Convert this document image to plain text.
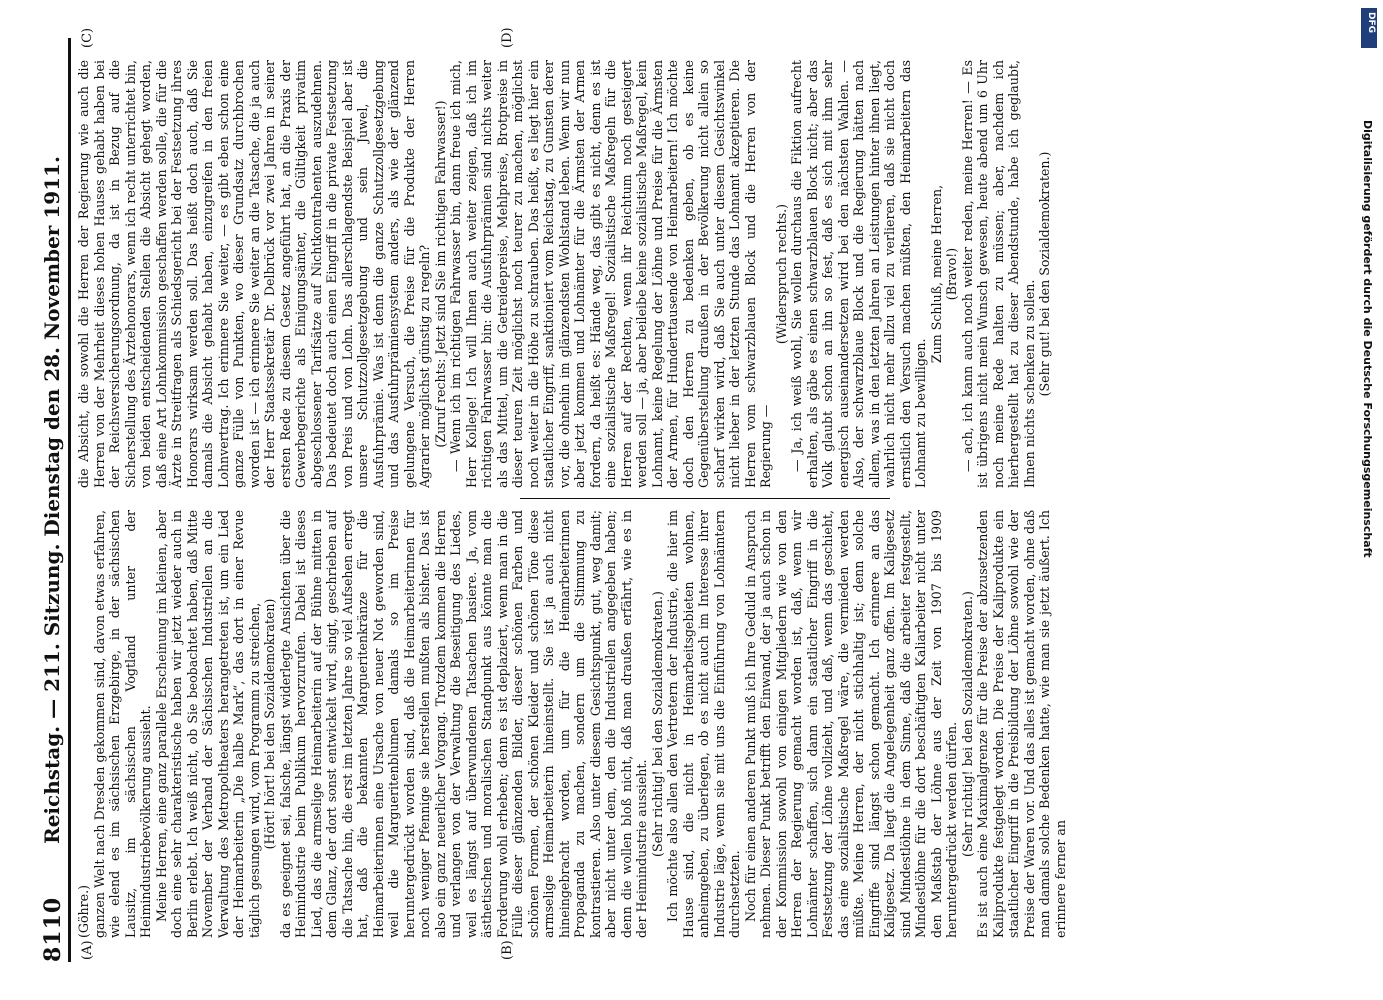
8110
Reichstag. — 211. Sitzung. Dienstag den 28. November 1911.
(A)	(B)
(C)	(D)

(Göhre.) ganzen Welt nach Dresden gekommen sind, davon etwas erfahren, wie elend es im sächsischen Erzgebirge, in der sächsischen Lausitz, im sächsischen Vogtland unter der Heimindustriebevölkerung aussieht. Meine Herren, eine ganz parallele Erscheinung im kleinen, aber doch eine sehr charakteristische haben wir jetzt wieder auch in Berlin erlebt. Ich weiß nicht, ob Sie beobachtet haben, daß Mitte November der Verband der Sächsischen Industriellen an die Verwaltung des Metropoltheaters herangetreten ist, um ein Lied der Heimarbeiterin „Die halbe Mark“, das dort in einer Revue täglich gesungen wird, vom Programm zu streichen, (Hört! hört! bei den Sozialdemokraten) da es geeignet sei, falsche, längst widerlegte Ansichten über die Heimindustrie beim Publikum hervorzurufen. Dabei ist dieses Lied, das die armselige Heimarbeiterin auf der Bühne mitten in dem Glanz, der dort sonst entwickelt wird, singt, geschrieben auf die Tatsache hin, die erst im letzten Jahre so viel Aufsehen erregt hat, daß die bekannten Margueritenkränze für die Heimarbeiterinnen eine Ursache von neuer Not geworden sind, weil die Margueritenblumen damals so im Preise heruntergedrückt worden sind, daß die Heimarbeiterinnen für noch weniger Pfennige sie herstellen mußten als bisher. Das ist also ein ganz neuerlicher Vorgang. Trotzdem kommen die Herren und verlangen von der Verwaltung die Beseitigung des Liedes, weil es längst auf überwundenen Tatsachen basiere. Ja, vom ästhetischen und moralischen Standpunkt aus könnte man die Forderung wohl erheben; denn es ist deplaziert, wenn man in die Fülle dieser glänzenden Bilder, dieser schönen Farben und schönen Formen, der schönen Kleider und schönen Töne diese armselige Heimarbeiterin hineinstellt. Sie ist ja auch nicht hineingebracht worden, um für die Heimarbeiterinnen Propaganda zu machen, sondern um die Stimmung zu kontrastieren. Also unter diesem Gesichtspunkt, gut, weg damit; aber nicht unter dem, den die Industriellen angegeben haben; denn die wollen bloß nicht, daß man draußen erfährt, wie es in der Heimindustrie aussieht. (Sehr richtig! bei den Sozialdemokraten.) Ich möchte also allen den Vertretern der Industrie, die hier im Hause sind, die nicht in Heimarbeitsgebieten wohnen, anheimgeben, zu überlegen, ob es nicht auch im Interesse ihrer Industrie läge, wenn sie mit uns die Einführung von Lohnämtern durchsetzten. Noch für einen anderen Punkt muß ich Ihre Geduld in Anspruch nehmen. Dieser Punkt betrifft den Einwand, der ja auch schon in der Kommission sowohl von einigen Mitgliedern wie von den Herren der Regierung gemacht worden ist, daß, wenn wir Lohnämter schaffen, sich dann ein staatlicher Eingriff in die Festsetzung der Löhne vollzieht, und daß, wenn das geschieht, das eine sozialistische Maßregel wäre, die vermieden werden müßte. Meine Herren, der nicht stichhaltig ist; denn solche Eingriffe sind längst schon gemacht. Ich erinnere an das Kaligesetz. Da liegt die Angelegenheit ganz offen. Im Kaligesetz sind Mindestlöhne in dem Sinne, daß die arbeiter festgestellt, Mindestlöhne für die dort beschäftigten Kaliarbeiter nicht unter den Maßstab der Löhne aus der Zeit von 1907 bis 1909 heruntergedrückt werden dürfen. (Sehr richtig! bei den Sozialdemokraten.) Es ist auch eine Maximalgrenze für die Preise der abzusetzenden Kaliprodukte festgelegt worden. Die Preise der Kaliprodukte ein staatlicher Eingriff in die Preisbildung der Löhne sowohl wie der Preise der Waren vor. Und das alles ist gemacht worden, ohne daß man damals solche Bedenken hatte, wie man sie jetzt äußert. Ich erinnere ferner an

die Absicht, die sowohl die Herren der Regierung wie auch die Herren von der Mehrheit dieses hohen Hauses gehabt haben bei der Reichsversicherungsordnung, da ist in Bezug auf die Sicherstellung des Ärztehonorars, wenn ich recht unterrichtet bin, von beiden entscheidenden Stellen die Absicht gehegt worden, daß eine Art Lohnkommission geschaffen werden solle, die für die Ärzte in Streitfragen als Schiedsgericht bei der Festsetzung ihres Honorars wirksam werden soll. Das heißt doch auch, daß Sie damals die Absicht gehabt haben, einzugreifen in den freien Lohnvertrag. Ich erinnere Sie weiter, — es gibt eben schon eine ganze Fülle von Punkten, wo dieser Grundsatz durchbrochen worden ist — ich erinnere Sie weiter an die Tatsache, die ja auch der Herr Staatssekretär Dr. Delbrück vor zwei Jahren in seiner ersten Rede zu diesem Gesetz angeführt hat, an die Praxis der Gewerbegerichte als Einigungsämter, die Gültigkeit privatim abgeschlossener Tarifsätze auf Nichtkontrahenten auszudehnen. Das bedeutet doch auch einen Eingriff in die private Festsetzung von Preis und von Lohn. Das allerschlagendste Beispiel aber ist unsere Schutzzollgesetzgebung und sein Juwel, die Ausfuhrprämie. Was ist denn die ganze Schutzzollgesetzgebung und das Ausfuhrprämiensystem anders, als wie der glänzend gelungene Versuch, die Preise für die Produkte der Herren Agrarier möglichst günstig zu regeln? (Zuruf rechts: Jetzt sind Sie im richtigen Fahrwasser!) — Wenn ich im richtigen Fahrwasser bin, dann freue ich mich, Herr Kollege! Ich will Ihnen auch weiter zeigen, daß ich im richtigen Fahrwasser bin: die Ausfuhrprämien sind nichts weiter als das Mittel, um die Getreidepreise, Mehlpreise, Brotpreise in dieser teuren Zeit möglichst noch teurer zu machen, möglichst noch weiter in die Höhe zu schrauben. Das heißt, es liegt hier ein staatlicher Eingriff, sanktioniert vom Reichstag, zu Gunsten derer vor, die ohnehin im glänzendsten Wohlstand leben. Wenn wir nun aber jetzt kommen und Lohnämter für die Ärmsten der Armen fordern, da heißt es: Hände weg, das gibt es nicht, denn es ist eine sozialistische Maßregel! Sozialistische Maßregeln für die Herren auf der Rechten, wenn ihr Reichtum noch gesteigert werden soll — ja, aber beileibe keine sozialistische Maßregel, kein Lohnamt, keine Regelung der Löhne und Preise für die Ärmsten der Armen, für Hunderttausende von Heimarbeitern! Ich möchte doch den Herren zu bedenken geben, ob es keine Gegenüberstellung draußen in der Bevölkerung nicht allein so scharf wirken wird, daß Sie auch unter diesem Gesichtswinkel nicht lieber in der letzten Stunde das Lohnamt akzeptieren. Die Herren vom schwarzblauen Block und die Herren von der Regierung —

(Widerspruch rechts.) — Ja, ich weiß wohl, Sie wollen durchaus die Fiktion aufrecht erhalten, als gäbe es einen schwarzblauen Block nicht; aber das Volk glaubt schon an ihn so fest, daß es sich mit ihm sehr energisch auseinandersetzen wird bei den nächsten Wahlen. — Also, der schwarzblaue Block und die Regierung hätten nach allem, was in den letzten Jahren an Leistungen hinter ihnen liegt, wahrlich nicht mehr allzu viel zu verlieren, daß sie nicht doch ernstlich den Versuch machen müßten, den Heimarbeitern das Lohnamt zu bewilligen.

Zum Schluß, meine Herren, (Bravo!) — ach, ich kann auch noch weiter reden, meine Herren! — Es ist übrigens nicht mein Wunsch gewesen, heute abend um 6 Uhr noch meine Rede halten zu müssen; aber, nachdem ich hierhergestellt hat zu dieser Abendstunde, habe ich geglaubt, Ihnen nichts schenken zu sollen. (Sehr gut! bei den Sozialdemokraten.)

DFG
Digitalisierung gefördert durch die Deutsche Forschungsgemeinschaft
